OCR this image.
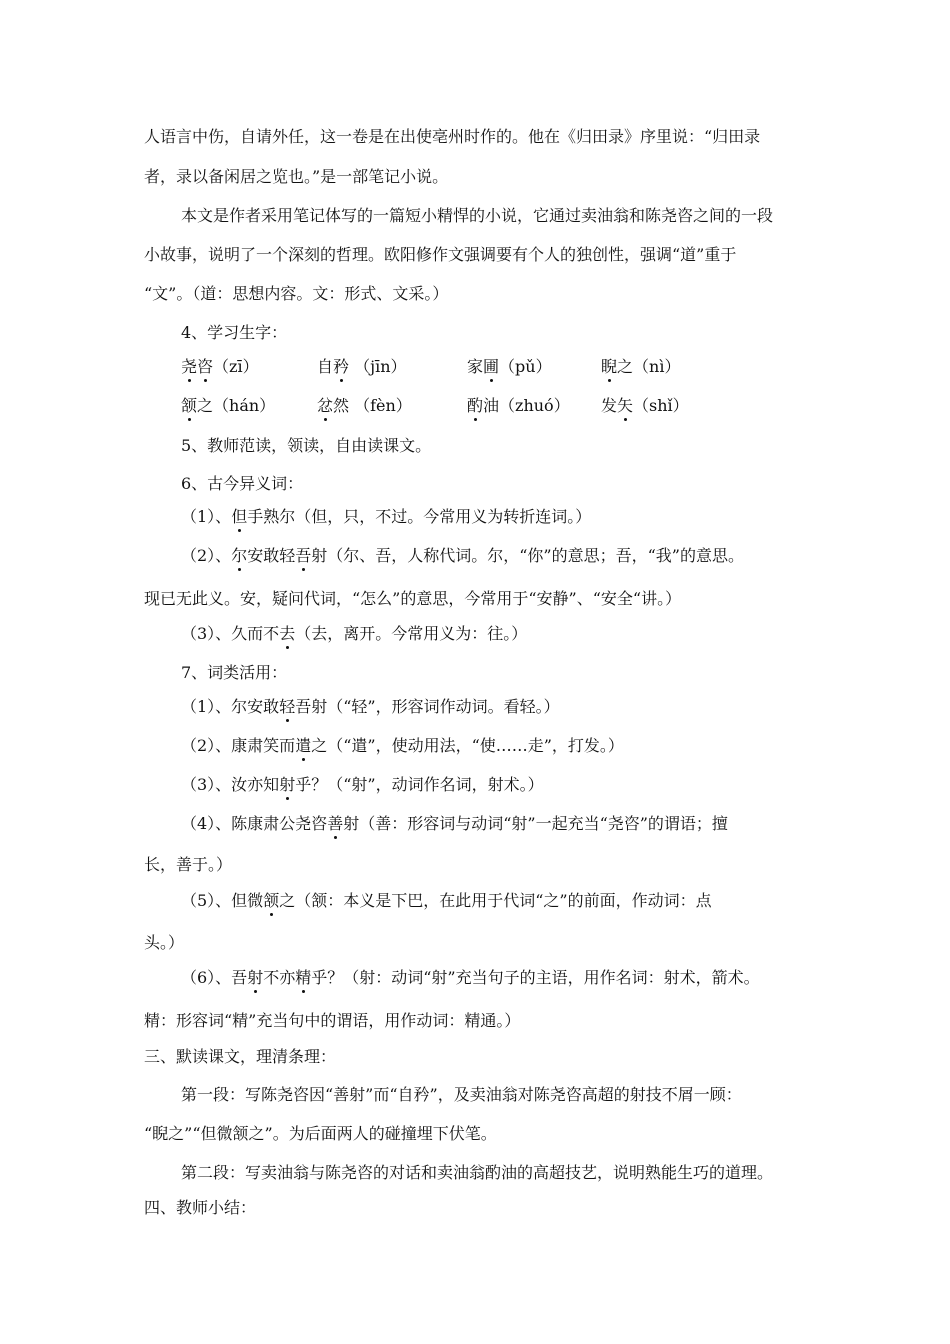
人语言中伤，自请外任，这一卷是在出使亳州时作的。他在《归田录》序里说：“归田录
者，录以备闲居之览也。”是一部笔记小说。
本文是作者采用笔记体写的一篇短小精悍的小说，它通过卖油翁和陈尧咨之间的一段
小故事，说明了一个深刻的哲理。欧阳修作文强调要有个人的独创性，强调“道”重于
“文”。（道：思想内容。文：形式、文采。）
4、学习生字：
尧咨（zī）	自矜 （jīn）	家圃（pǔ）	睨之（nì）
颔之（hán）	忿然 （fèn）	酌油（zhuó） 发矢（shǐ）
5、教师范读，领读，自由读课文。
6、古今异义词：
（1）、但手熟尔（但，只，不过。今常用义为转折连词。）
（2）、尔安敢轻吾射（尔、吾，人称代词。尔，“你”的意思；吾，“我”的意思。
现已无此义。安，疑问代词，“怎么”的意思，今常用于“安静”、“安全“讲。）
（3）、久而不去（去，离开。今常用义为：往。）
7、词类活用：
（1）、尔安敢轻吾射（“轻”，形容词作动词。看轻。）
（2）、康肃笑而遣之（“遣”，使动用法，“使……走”，打发。）
（3）、汝亦知射乎？（“射”，动词作名词，射术。）
（4）、陈康肃公尧咨善射（善：形容词与动词“射”一起充当“尧咨”的谓语；擅
长，善于。）
（5）、但微颔之（颔：本义是下巴，在此用于代词“之”的前面，作动词：点
头。）
（6）、吾射不亦精乎？（射：动词“射”充当句子的主语，用作名词：射术，箭术。
精：形容词“精”充当句中的谓语，用作动词：精通。）
三、默读课文，理清条理：
第一段：写陈尧咨因“善射”而“自矜”，及卖油翁对陈尧咨高超的射技不屑一顾：
“睨之”“但微颔之”。为后面两人的碰撞埋下伏笔。
第二段：写卖油翁与陈尧咨的对话和卖油翁酌油的高超技艺，说明熟能生巧的道理。
四、教师小结：
